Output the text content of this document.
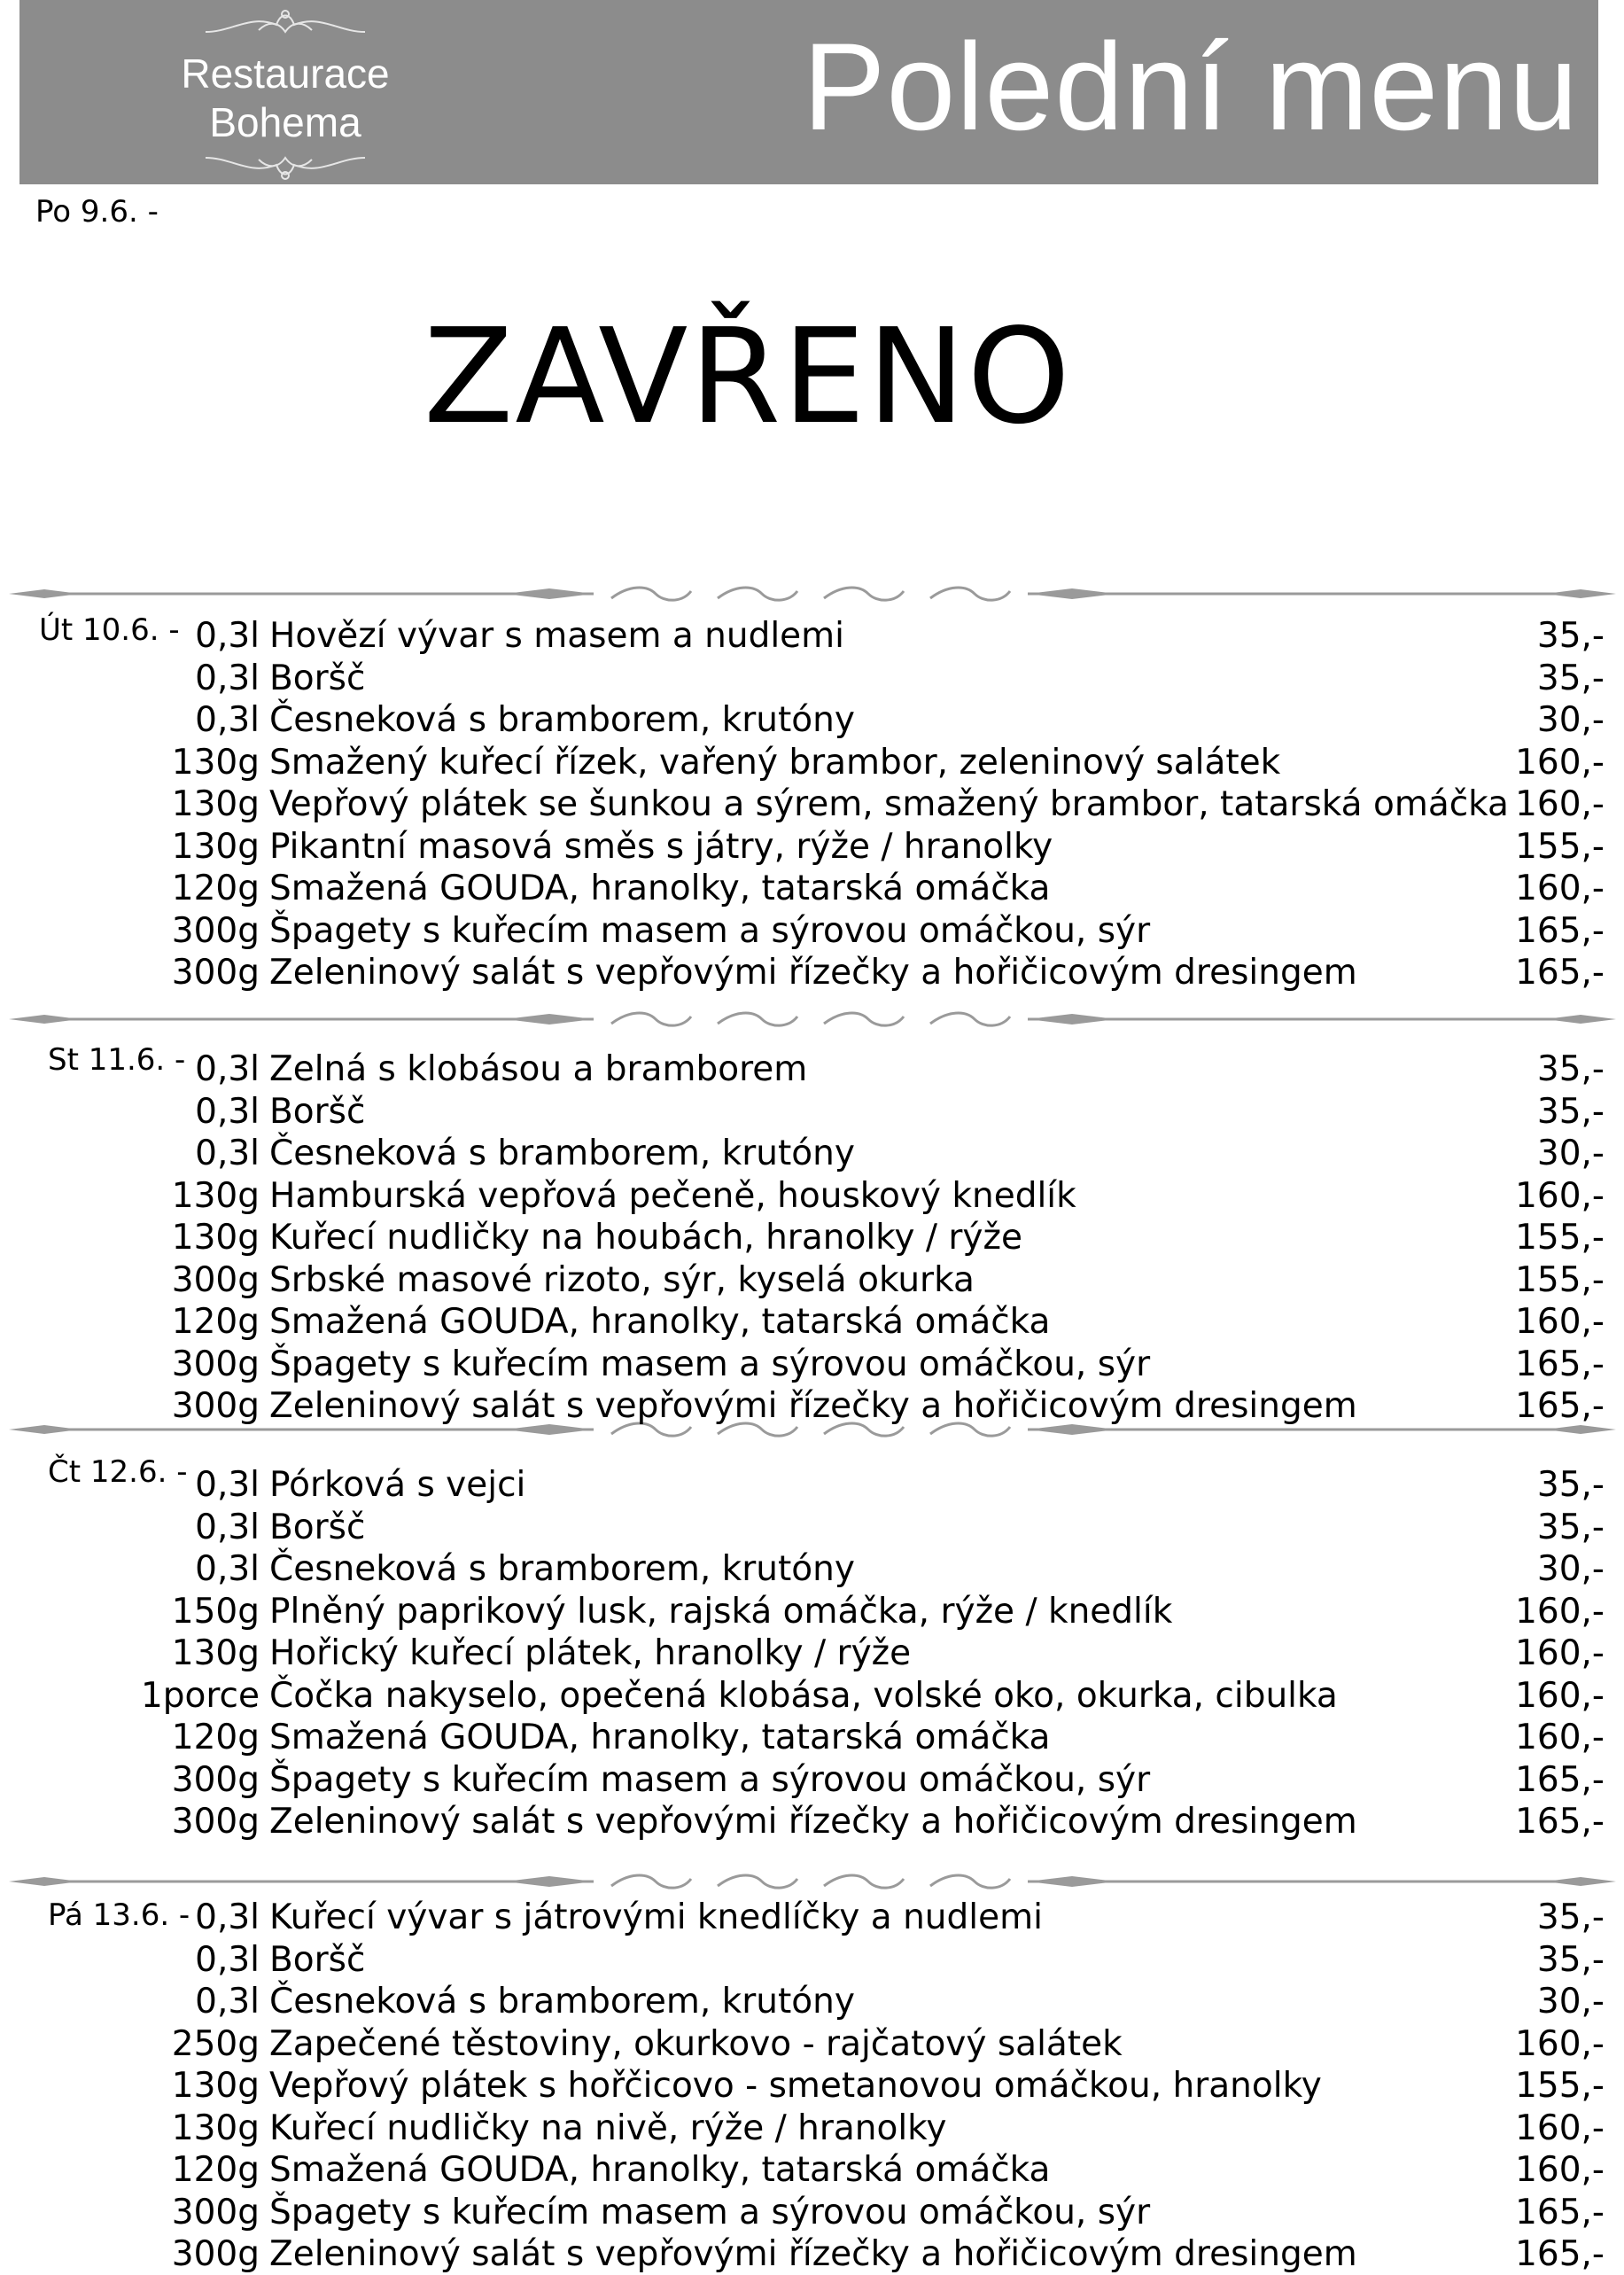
Restaurace
Bohema	Polední menu
Po 9.6. -
ZAVŘENO
Út 10.6. - 0,3l Hovězí vývar s masem a nudlemi	35,-
0,3l Boršč	35,-
0,3l Česneková s bramborem, krutóny	30,-
130g Smažený kuřecí řízek, vařený brambor, zeleninový salátek	160,-
130g Vepřový plátek se šunkou a sýrem, smažený brambor, tatarská omáčka 160,-
130g Pikantní masová směs s játry, rýže / hranolky	155,-
120g Smažená GOUDA, hranolky, tatarská omáčka	160,-
300g Špagety s kuřecím masem a sýrovou omáčkou, sýr	165,-
300g Zeleninový salát s vepřovými řízečky a hořičicovým dresingem	165,-
St 11.6. - 0,3l Zelná s klobásou a bramborem	35,-
0,3l Boršč	35,-
0,3l Česneková s bramborem, krutóny	30,-
130g Hamburská vepřová pečeně, houskový knedlík	160,-
130g Kuřecí nudličky na houbách, hranolky / rýže	155,-
300g Srbské masové rizoto, sýr, kyselá okurka	155,-
120g Smažená GOUDA, hranolky, tatarská omáčka	160,-
300g Špagety s kuřecím masem a sýrovou omáčkou, sýr	165,-
300g Zeleninový salát s vepřovými řízečky a hořičicovým dresingem	165,-
Čt 12.6. - 0,3l Pórková s vejci	35,-
0,3l Boršč	35,-
0,3l Česneková s bramborem, krutóny	30,-
150g Plněný paprikový lusk, rajská omáčka, rýže / knedlík	160,-
130g Hořický kuřecí plátek, hranolky / rýže	160,-
1porce Čočka nakyselo, opečená klobása, volské oko, okurka, cibulka	160,-
120g Smažená GOUDA, hranolky, tatarská omáčka	160,-
300g Špagety s kuřecím masem a sýrovou omáčkou, sýr	165,-
300g Zeleninový salát s vepřovými řízečky a hořičicovým dresingem	165,-
Pá 13.6. - 0,3l Kuřecí vývar s játrovými knedlíčky a nudlemi	35,-
0,3l Boršč	35,-
0,3l Česneková s bramborem, krutóny	30,-
250g Zapečené těstoviny, okurkovo - rajčatový salátek	160,-
130g Vepřový plátek s hořčicovo - smetanovou omáčkou, hranolky	155,-
130g Kuřecí nudličky na nivě, rýže / hranolky	160,-
120g Smažená GOUDA, hranolky, tatarská omáčka	160,-
300g Špagety s kuřecím masem a sýrovou omáčkou, sýr	165,-
300g Zeleninový salát s vepřovými řízečky a hořičicovým dresingem	165,-
